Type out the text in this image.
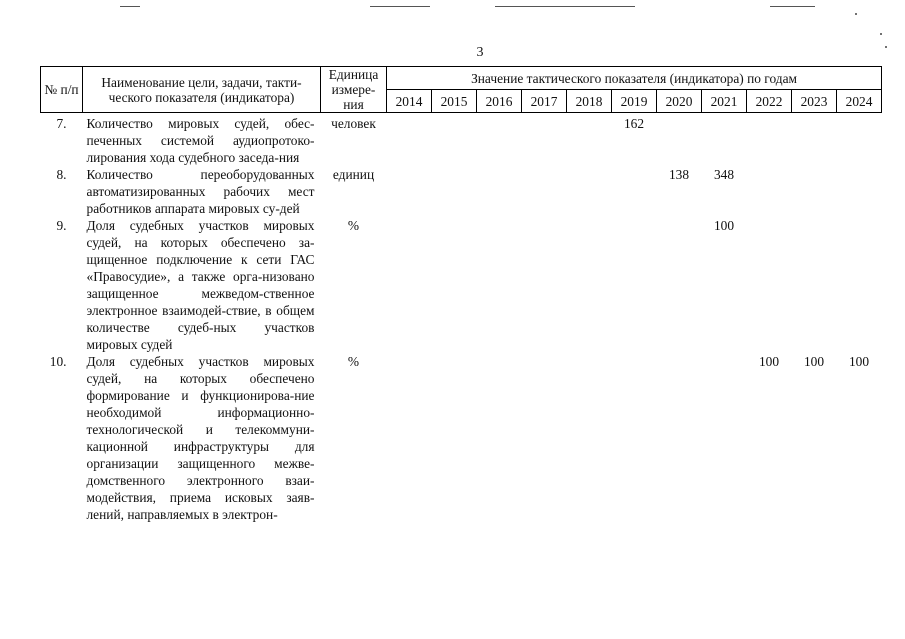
3
№ п/п	Наименование цели, задачи, такти-ческого показателя (индикатора)	Единица измере-ния	Значение тактического показателя (индикатора) по годам										
			2014	2015	2016	2017	2018	2019	2020	2021	2022	2023	2024
7.	Количество мировых судей, обес-печенных системой аудиопротоко-лирования хода судебного заседа-ния	человек						162					
8.	Количество переоборудованных автоматизированных рабочих мест работников аппарата мировых су-дей	единиц							138	348			
9.	Доля судебных участков мировых судей, на которых обеспечено за-щищенное подключение к сети ГАС «Правосудие», а также орга-низовано защищенное межведом-ственное электронное взаимодей-ствие, в общем количестве судеб-ных участков мировых судей	%								100			
10.	Доля судебных участков мировых судей, на которых обеспечено формирование и функционирова-ние необходимой информационно-технологической и телекоммуни-кационной инфраструктуры для организации защищенного межве-домственного электронного взаи-модействия, приема исковых заяв-лений, направляемых в электрон-	%									100	100	100
